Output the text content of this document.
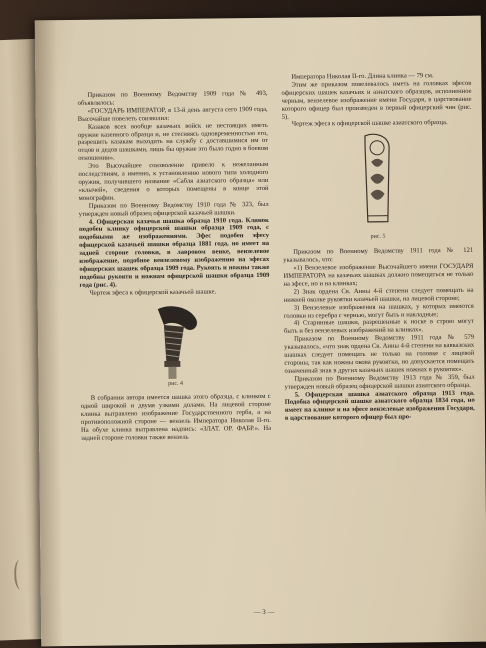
Приказом по Военному Ведомству 1909 года № 493, объявлялось:

«ГОСУДАРЬ ИМПЕРАТОР, в 13-й день августа сего 1909 года, Высочайше повелеть соизволил:

Казаков всех вообще казачьих войск не нестоящих иметь оружие казенного образца и, не стесняясь одновременностью его, разрешить казакам выходить на службу с доставшимися им от отцов и дедов шашками, лишь бы оружие это было годно в боевом отношении».

Это Высочайшее соизволение привело к нежеланным последствиям, а именно, к установлению нового типа холодного оружия, получившего название «Сабля азиатского образца» или «клычей», сведения о которых помещены в конце этой монографии.

Приказом по Военному Ведомству 1910 года № 323, был утвержден новый образец офицерской казачьей шашки.

4. Офицерская казачья шашка образца 1910 года. Клинок подобен клинку офицерской шашки образца 1909 года, с подобными же изображениями. Эфес подобен эфесу офицерской казачьей шашки образца 1881 года, но имеет на задней стороне головки, в лавровом венке, вензелевое изображение, подобное вензелевому изображению на эфесах офицерских шашек образца 1909 года. Рукоять и ножны также подобны рукояти и ножнам офицерской шашки образца 1909 года (рис. 4).

Чертеж эфеса к офицерской казачьей шашке.

рис. 4

В собрании автора имеется шашка этого образца, с клинком с одной широкой и двумя узкими долами. На лицевой стороне клинка вытравлено изображение Государственного герба, а на противоположной стороне — вензель Императора Николая II-го. На обухе клинка вытравлена надпись: «ЗЛАТ. ОР. ФАБР.». На задней стороне головки также вензель

Императора Николая II-го. Длина клинка — 79 см.

Этим же приказом повелевалось иметь на головках эфесов офицерских шашек казачьих и азиатского образцов, исполненное черным, вензелевое изображение имени Государя, в царствование которого офицер был произведен в первый офицерский чин (рис. 5).

Чертеж эфеса к офицерской шашке азиатского образца.

рис. 5

Приказом по Военному Ведомству 1911 года № 121 указывалось, что:

«1) Вензелевое изображение Высочайшего имени ГОСУДАРЯ ИМПЕРАТОРА на казачьих шашках должно помещаться не только на эфесе, но и на клинках;

2) Знак ордена Св. Анны 4-й степени следует помещать на нижней околке рукоятки казачьей шашки, на лицевой стороне;

3) Вензелевые изображения на шашках, у которых имеются головки из серебра с чернью, могут быть и накладные;

4) Старинные шашки, разрешенные к носке в строю могут быть и без вензелевых изображений на клинках».

Приказом по Военному Ведомству 1911 года № 579 указывалось, «что знак ордена Св. Анны 4-й степени на кавказских шашках следует помещать не только на головке с лицевой стороны, так как ножны окова рукоятки, но допускается помещать означенный знак в других казачьих шашек ножнах в рукоятях».

Приказом по Военному Ведомству 1913 года № 359, был утвержден новый образец офицерской шашки азиатского образца.

5. Офицерская шашка азиатского образца 1913 года. Подобна офицерской шашке азиатского образца 1834 года, но имеет на клинке и на эфесе вензелевые изображения Государя, в царствование которого офицер был про-

— 3 —
